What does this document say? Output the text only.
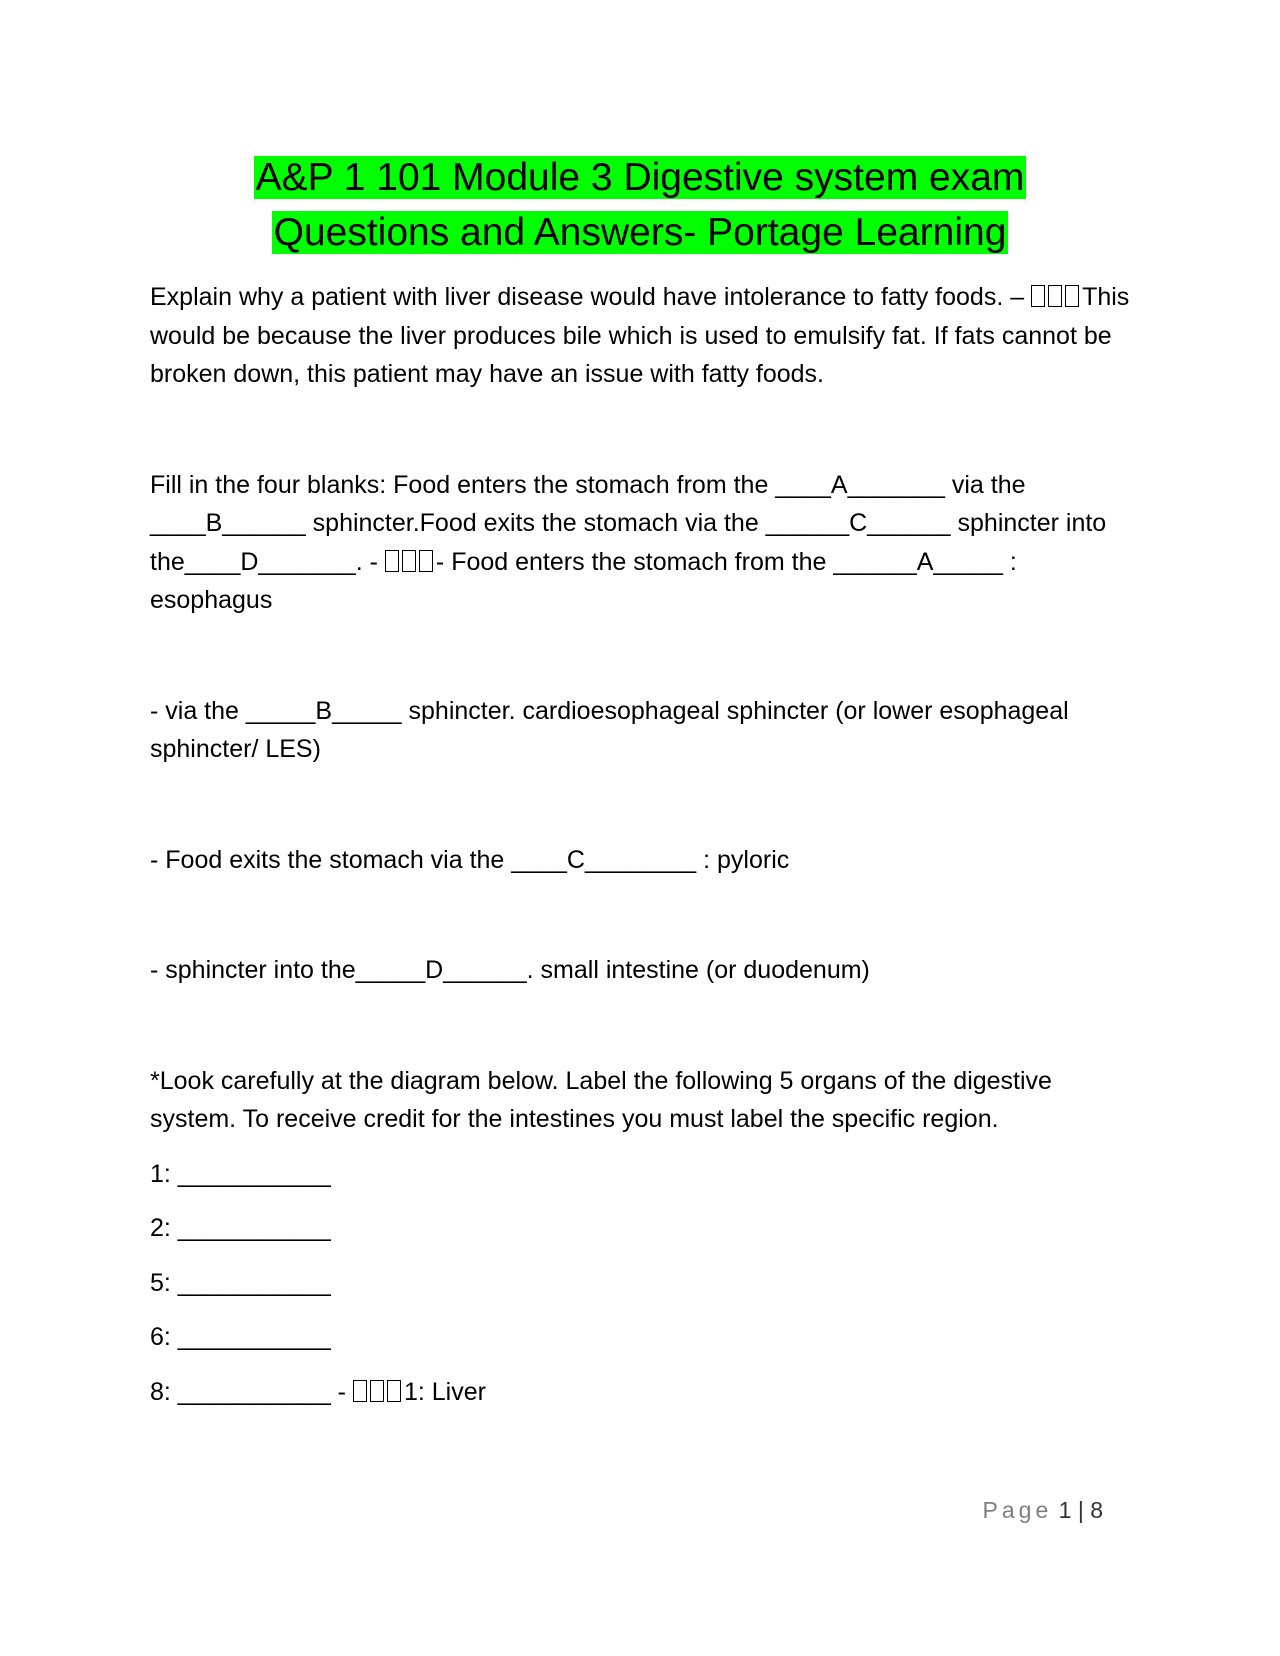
A&P 1 101 Module 3 Digestive system exam
Questions and Answers- Portage Learning

Explain why a patient with liver disease would have intolerance to fatty foods. – This would be because the liver produces bile which is used to emulsify fat. If fats cannot be broken down, this patient may have an issue with fatty foods.

Fill in the four blanks: Food enters the stomach from the ____A_______ via the ____B______ sphincter.Food exits the stomach via the ______C______ sphincter into the____D_______. - - Food enters the stomach from the ______A_____ : esophagus

- via the _____B_____ sphincter. cardioesophageal sphincter (or lower esophageal sphincter/ LES)

- Food exits the stomach via the ____C________ : pyloric

- sphincter into the_____D______. small intestine (or duodenum)

*Look carefully at the diagram below. Label the following 5 organs of the digestive system. To receive credit for the intestines you must label the specific region.

1: ___________

2: ___________

5: ___________

6: ___________

8: ___________ - 1: Liver

Page 1 | 8
